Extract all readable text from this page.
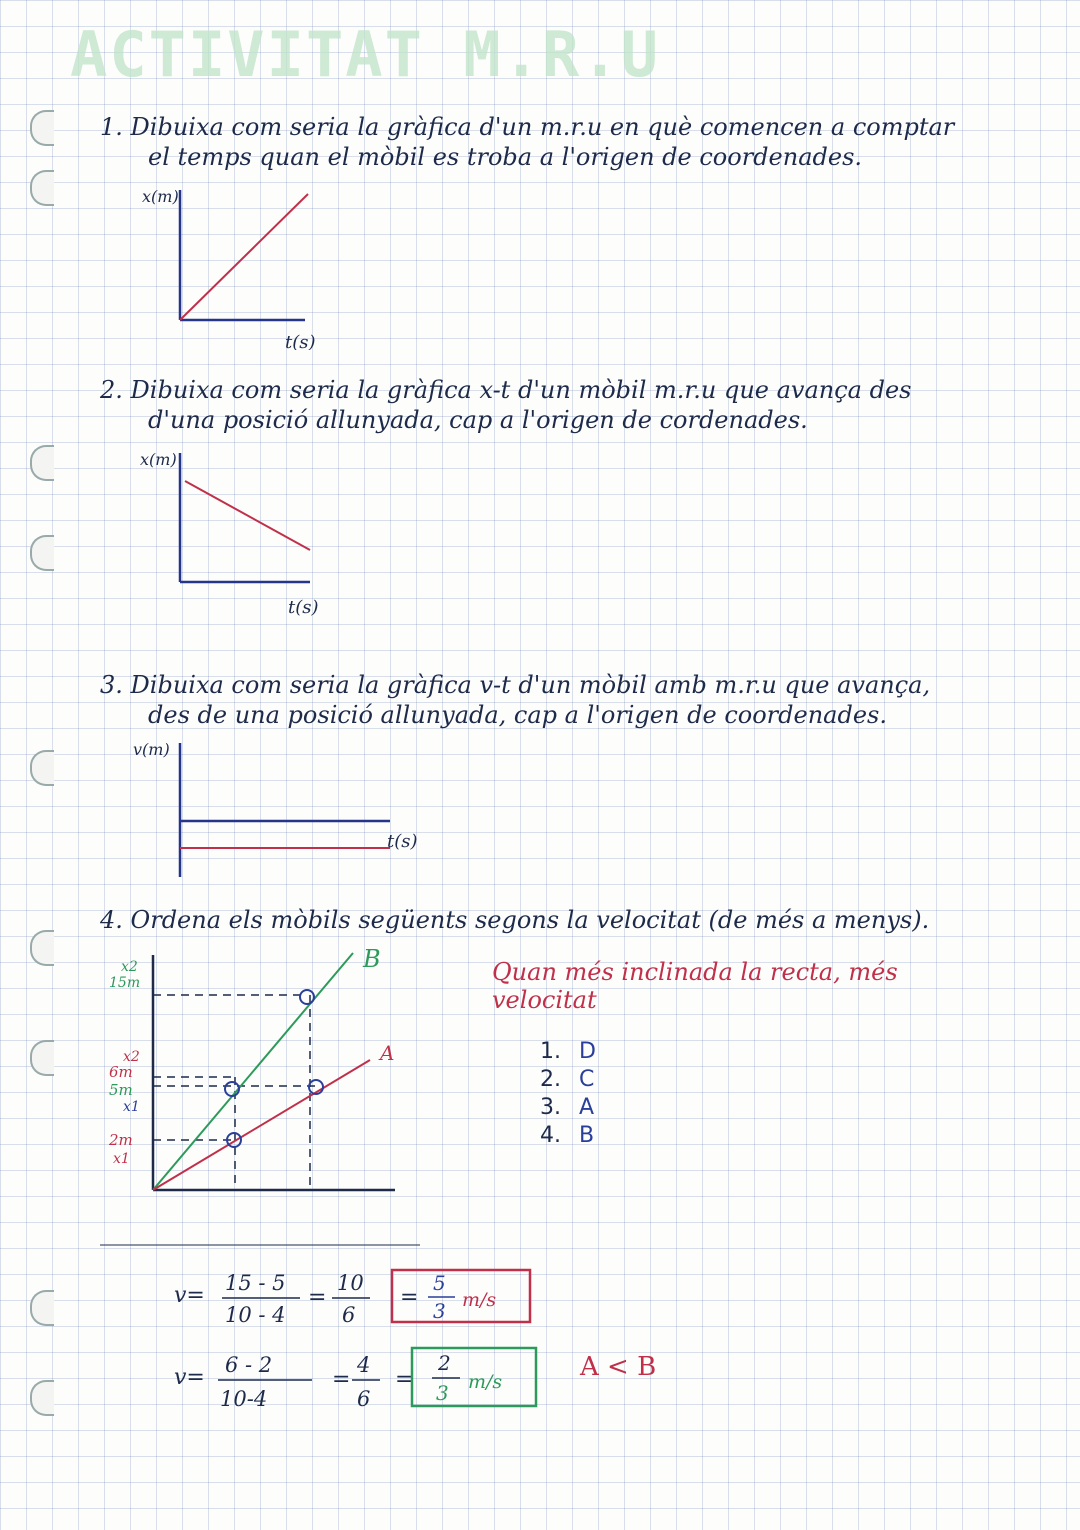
ACTIVITAT M.R.U
1. Dibuixa com seria la gràfica d'un m.r.u en què comencen a comptar
el temps quan el mòbil es troba a l'origen de coordenades.
x(m)
t(s)
2. Dibuixa com seria la gràfica x-t d'un mòbil m.r.u que avança des
d'una posició allunyada, cap a l'origen de cordenades.
x(m)
t(s)
3. Dibuixa com seria la gràfica v-t d'un mòbil amb m.r.u que avança,
des de una posició allunyada, cap a l'origen de coordenades.
v(m)
t(s)
4. Ordena els mòbils següents segons la velocitat (de més a menys).
B
A
x2
15m
x2
6m
5m
x1
2m
x1
Quan més inclinada la recta, més
velocitat
1. D
2. C
3. A
4. B
v= 15 - 5
10 - 4
=
10
6
=
5
3 m/s
v= 6 - 2
10-4
=
4
6
=
2
3 m/s	A < B
